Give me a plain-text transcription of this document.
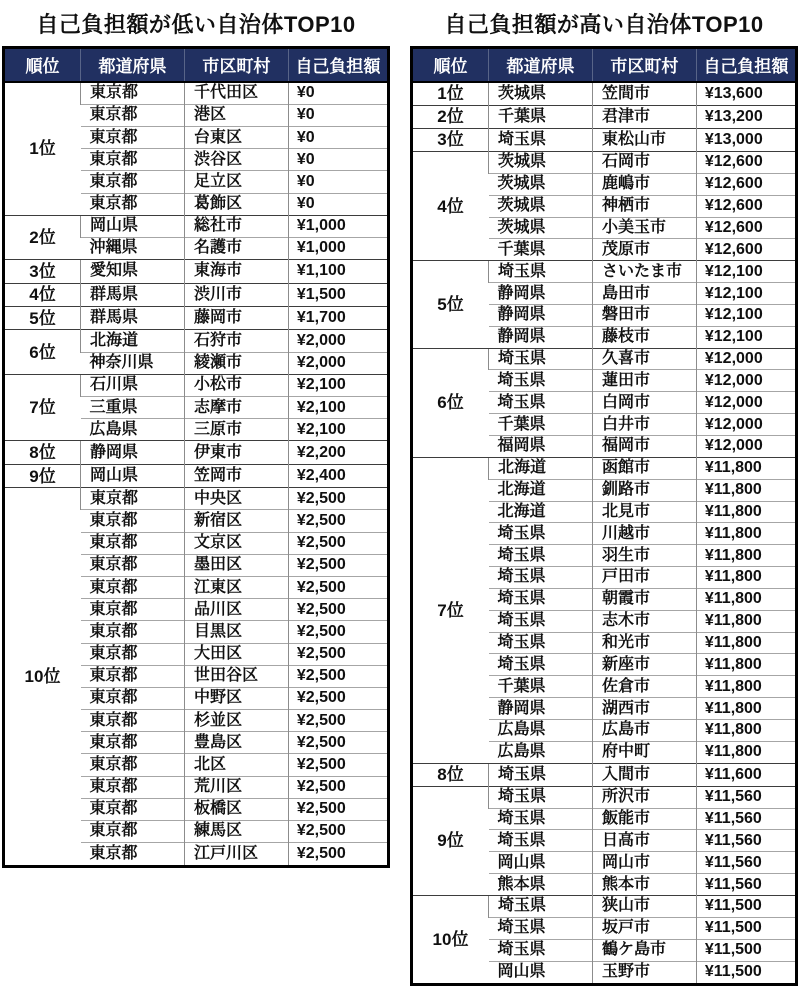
自己負担額が低い自治体TOP10
順位	都道府県	市区町村	自己負担額
1位	東京都	千代田区	¥0
	東京都	港区	¥0
	東京都	台東区	¥0
	東京都	渋谷区	¥0
	東京都	足立区	¥0
	東京都	葛飾区	¥0
2位	岡山県	総社市	¥1,000
	沖縄県	名護市	¥1,000
3位	愛知県	東海市	¥1,100
4位	群馬県	渋川市	¥1,500
5位	群馬県	藤岡市	¥1,700
6位	北海道	石狩市	¥2,000
	神奈川県	綾瀬市	¥2,000
7位	石川県	小松市	¥2,100
	三重県	志摩市	¥2,100
	広島県	三原市	¥2,100
8位	静岡県	伊東市	¥2,200
9位	岡山県	笠岡市	¥2,400
10位	東京都	中央区	¥2,500
	東京都	新宿区	¥2,500
	東京都	文京区	¥2,500
	東京都	墨田区	¥2,500
	東京都	江東区	¥2,500
	東京都	品川区	¥2,500
	東京都	目黒区	¥2,500
	東京都	大田区	¥2,500
	東京都	世田谷区	¥2,500
	東京都	中野区	¥2,500
	東京都	杉並区	¥2,500
	東京都	豊島区	¥2,500
	東京都	北区	¥2,500
	東京都	荒川区	¥2,500
	東京都	板橋区	¥2,500
	東京都	練馬区	¥2,500
	東京都	江戸川区	¥2,500
自己負担額が高い自治体TOP10
順位	都道府県	市区町村	自己負担額
1位	茨城県	笠間市	¥13,600
2位	千葉県	君津市	¥13,200
3位	埼玉県	東松山市	¥13,000
4位	茨城県	石岡市	¥12,600
	茨城県	鹿嶋市	¥12,600
	茨城県	神栖市	¥12,600
	茨城県	小美玉市	¥12,600
	千葉県	茂原市	¥12,600
5位	埼玉県	さいたま市	¥12,100
	静岡県	島田市	¥12,100
	静岡県	磐田市	¥12,100
	静岡県	藤枝市	¥12,100
6位	埼玉県	久喜市	¥12,000
	埼玉県	蓮田市	¥12,000
	埼玉県	白岡市	¥12,000
	千葉県	白井市	¥12,000
	福岡県	福岡市	¥12,000
7位	北海道	函館市	¥11,800
	北海道	釧路市	¥11,800
	北海道	北見市	¥11,800
	埼玉県	川越市	¥11,800
	埼玉県	羽生市	¥11,800
	埼玉県	戸田市	¥11,800
	埼玉県	朝霞市	¥11,800
	埼玉県	志木市	¥11,800
	埼玉県	和光市	¥11,800
	埼玉県	新座市	¥11,800
	千葉県	佐倉市	¥11,800
	静岡県	湖西市	¥11,800
	広島県	広島市	¥11,800
	広島県	府中町	¥11,800
8位	埼玉県	入間市	¥11,600
9位	埼玉県	所沢市	¥11,560
	埼玉県	飯能市	¥11,560
	埼玉県	日高市	¥11,560
	岡山県	岡山市	¥11,560
	熊本県	熊本市	¥11,560
10位	埼玉県	狭山市	¥11,500
	埼玉県	坂戸市	¥11,500
	埼玉県	鶴ケ島市	¥11,500
	岡山県	玉野市	¥11,500
